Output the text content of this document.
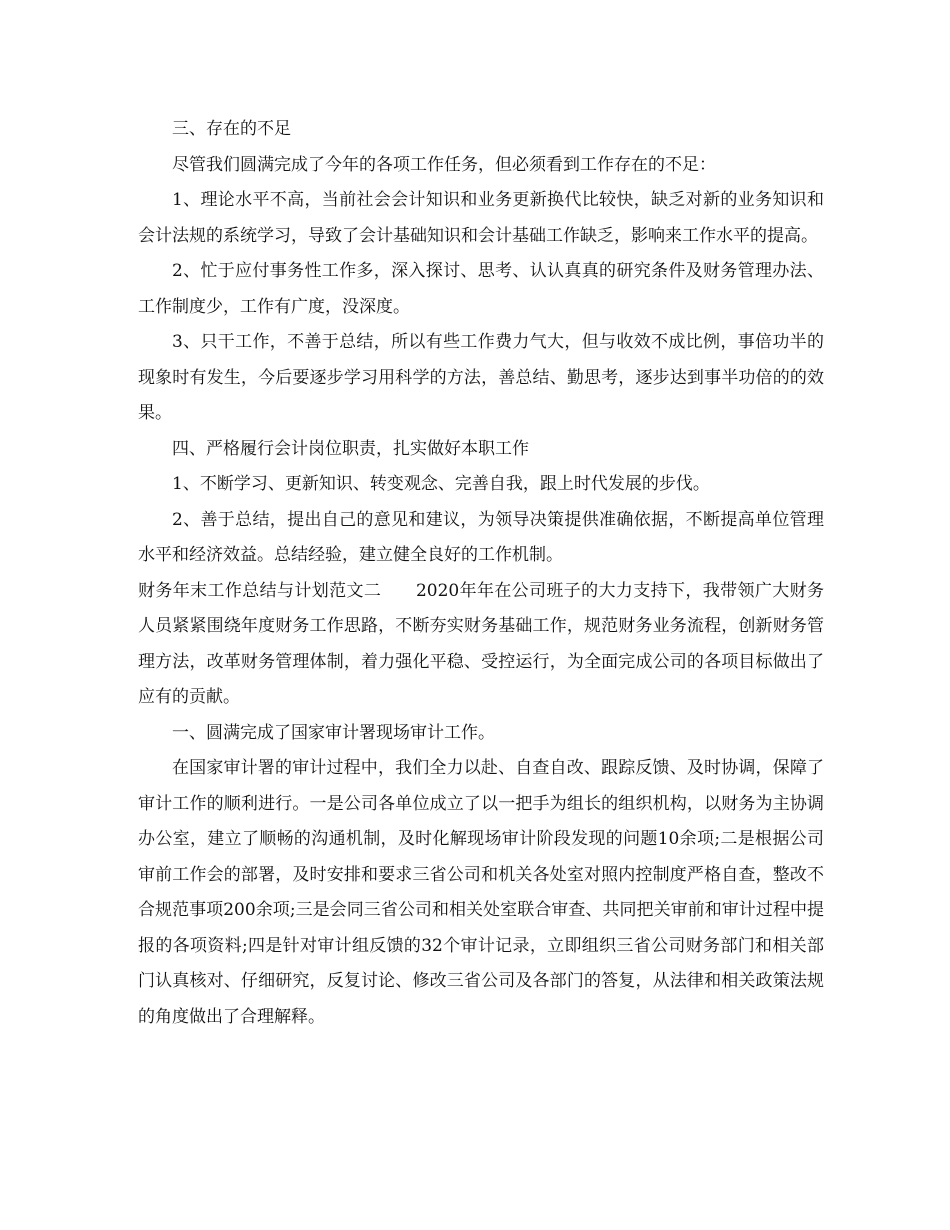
三、存在的不足

尽管我们圆满完成了今年的各项工作任务，但必须看到工作存在的不足：

1、理论水平不高，当前社会会计知识和业务更新换代比较快，缺乏对新的业务知识和会计法规的系统学习，导致了会计基础知识和会计基础工作缺乏，影响来工作水平的提高。

2、忙于应付事务性工作多，深入探讨、思考、认认真真的研究条件及财务管理办法、工作制度少，工作有广度，没深度。

3、只干工作，不善于总结，所以有些工作费力气大，但与收效不成比例，事倍功半的现象时有发生，今后要逐步学习用科学的方法，善总结、勤思考，逐步达到事半功倍的的效果。

四、严格履行会计岗位职责，扎实做好本职工作

1、不断学习、更新知识、转变观念、完善自我，跟上时代发展的步伐。

2、善于总结，提出自己的意见和建议，为领导决策提供准确依据，不断提高单位管理水平和经济效益。总结经验，建立健全良好的工作机制。

财务年末工作总结与计划范文二　　2020年年在公司班子的大力支持下，我带领广大财务人员紧紧围绕年度财务工作思路，不断夯实财务基础工作，规范财务业务流程，创新财务管理方法，改革财务管理体制，着力强化平稳、受控运行，为全面完成公司的各项目标做出了应有的贡献。

一、圆满完成了国家审计署现场审计工作。

在国家审计署的审计过程中，我们全力以赴、自查自改、跟踪反馈、及时协调，保障了审计工作的顺利进行。一是公司各单位成立了以一把手为组长的组织机构，以财务为主协调办公室，建立了顺畅的沟通机制，及时化解现场审计阶段发现的问题10余项;二是根据公司审前工作会的部署，及时安排和要求三省公司和机关各处室对照内控制度严格自查，整改不合规范事项200余项;三是会同三省公司和相关处室联合审查、共同把关审前和审计过程中提报的各项资料;四是针对审计组反馈的32个审计记录，立即组织三省公司财务部门和相关部门认真核对、仔细研究，反复讨论、修改三省公司及各部门的答复，从法律和相关政策法规的角度做出了合理解释。
